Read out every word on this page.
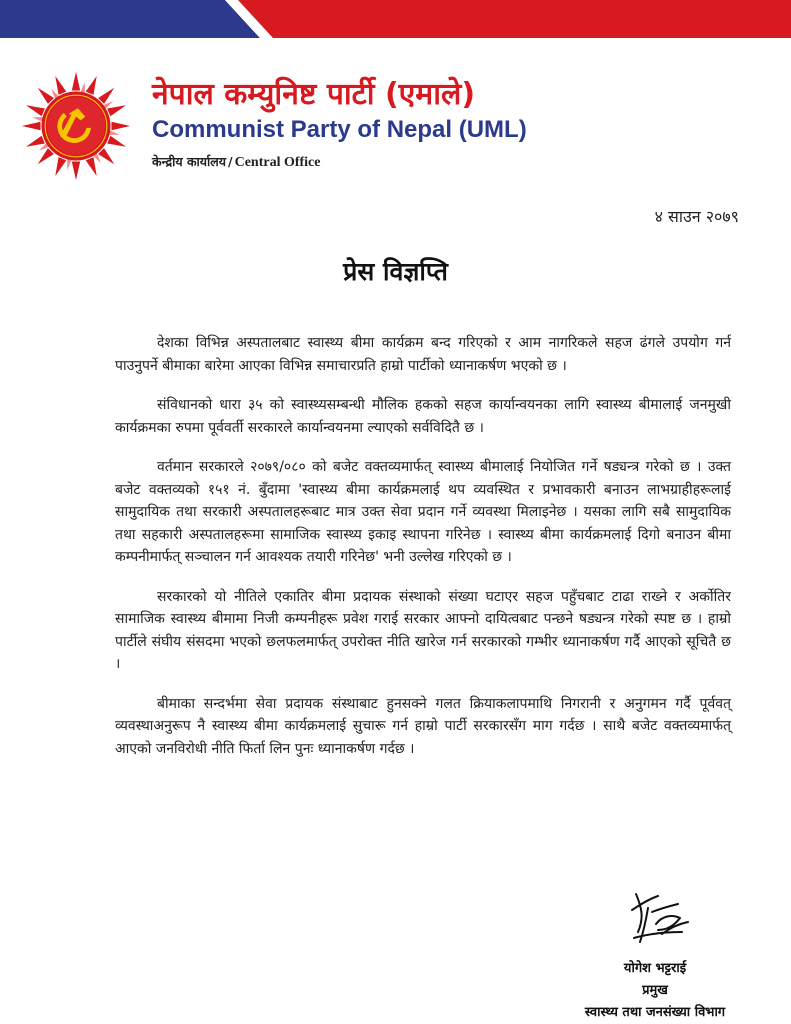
नेपाल कम्युनिष्ट पार्टी (एमाले)
Communist Party of Nepal (UML)
केन्द्रीय कार्यालय / Central Office
४ साउन २०७९
प्रेस विज्ञप्ति

देशका विभिन्न अस्पतालबाट स्वास्थ्य बीमा कार्यक्रम बन्द गरिएको र आम नागरिकले सहज ढंगले उपयोग गर्न पाउनुपर्ने बीमाका बारेमा आएका विभिन्न समाचारप्रति हाम्रो पार्टीको ध्यानाकर्षण भएको छ ।

संविधानको धारा ३५ को स्वास्थ्यसम्बन्धी मौलिक हकको सहज कार्यान्वयनका लागि स्वास्थ्य बीमालाई जनमुखी कार्यक्रमका रुपमा पूर्ववर्ती सरकारले कार्यान्वयनमा ल्याएको सर्वविदितै छ ।

वर्तमान सरकारले २०७९/०८० को बजेट वक्तव्यमार्फत् स्वास्थ्य बीमालाई नियोजित गर्ने षड्यन्त्र गरेको छ । उक्त बजेट वक्तव्यको १५१ नं. बुँदामा 'स्वास्थ्य बीमा कार्यक्रमलाई थप व्यवस्थित र प्रभावकारी बनाउन लाभग्राहीहरूलाई सामुदायिक तथा सरकारी अस्पतालहरूबाट मात्र उक्त सेवा प्रदान गर्ने व्यवस्था मिलाइनेछ । यसका लागि सबै सामुदायिक तथा सहकारी अस्पतालहरूमा सामाजिक स्वास्थ्य इकाइ स्थापना गरिनेछ । स्वास्थ्य बीमा कार्यक्रमलाई दिगो बनाउन बीमा कम्पनीमार्फत् सञ्चालन गर्न आवश्यक तयारी गरिनेछ' भनी उल्लेख गरिएको छ ।

सरकारको यो नीतिले एकातिर बीमा प्रदायक संस्थाको संख्या घटाएर सहज पहुँचबाट टाढा राख्ने र अर्कोतिर सामाजिक स्वास्थ्य बीमामा निजी कम्पनीहरू प्रवेश गराई सरकार आफ्नो दायित्वबाट पन्छने षड्यन्त्र गरेको स्पष्ट छ । हाम्रो पार्टीले संघीय संसदमा भएको छलफलमार्फत् उपरोक्त नीति खारेज गर्न सरकारको गम्भीर ध्यानाकर्षण गर्दै आएको सूचितै छ ।

बीमाका सन्दर्भमा सेवा प्रदायक संस्थाबाट हुनसक्ने गलत क्रियाकलापमाथि निगरानी र अनुगमन गर्दै पूर्ववत् व्यवस्थाअनुरूप नै स्वास्थ्य बीमा कार्यक्रमलाई सुचारू गर्न हाम्रो पार्टी सरकारसँग माग गर्दछ । साथै बजेट वक्तव्यमार्फत् आएको जनविरोधी नीति फिर्ता लिन पुनः ध्यानाकर्षण गर्दछ ।

योगेश भट्टराई
प्रमुख
स्वास्थ्य तथा जनसंख्या विभाग
